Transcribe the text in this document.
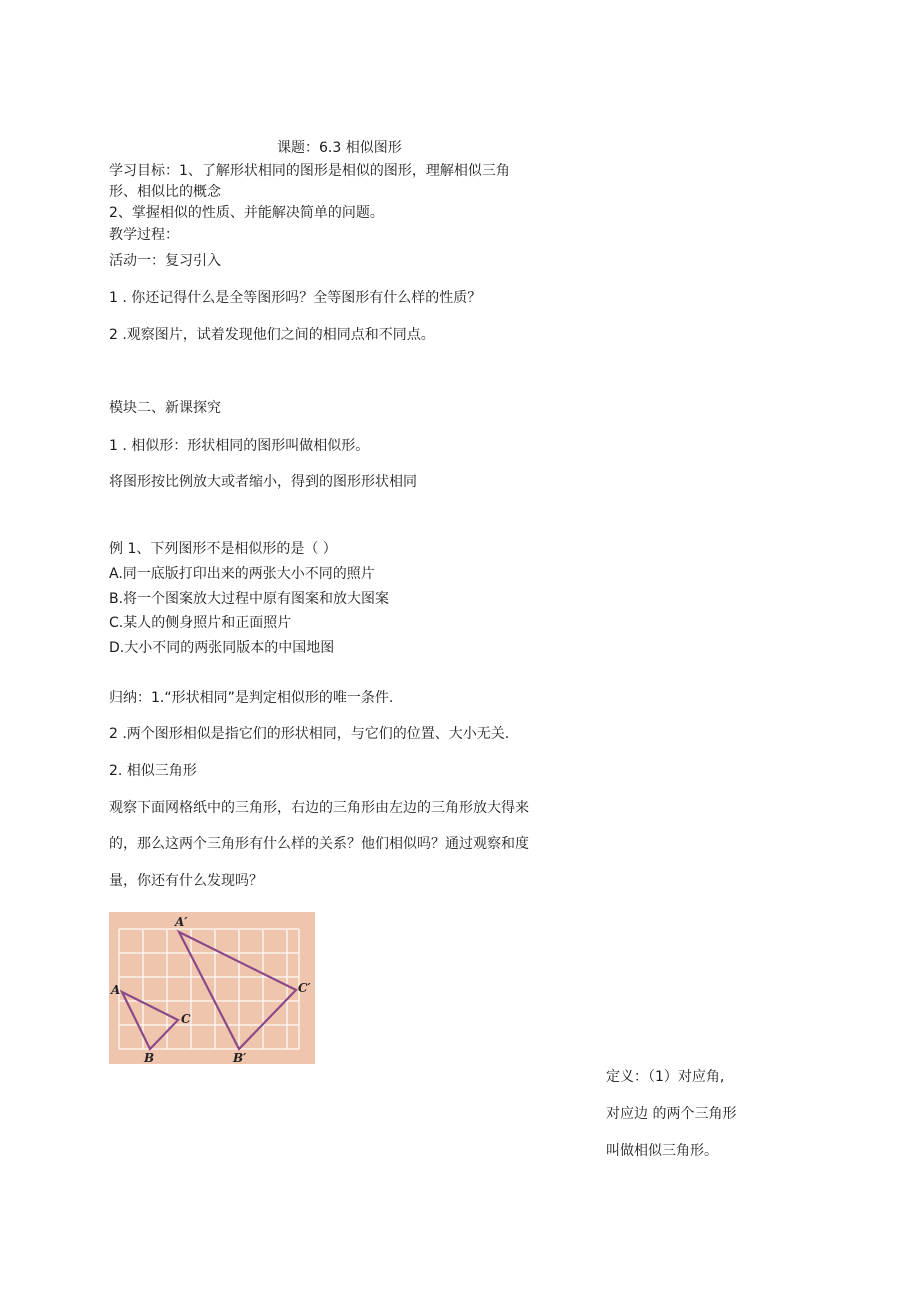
课题：6.3 相似图形
学习目标：1、了解形状相同的图形是相似的图形，理解相似三角
形、相似比的概念
2、掌握相似的性质、并能解决简单的问题。
教学过程：
活动一：复习引入
1 . 你还记得什么是全等图形吗？全等图形有什么样的性质？
2 .观察图片，试着发现他们之间的相同点和不同点。
模块二、新课探究
1 . 相似形：形状相同的图形叫做相似形。
将图形按比例放大或者缩小，得到的图形形状相同
例 1、下列图形不是相似形的是（ ）
A.同一底版打印出来的两张大小不同的照片
B.将一个图案放大过程中原有图案和放大图案
C.某人的侧身照片和正面照片
D.大小不同的两张同版本的中国地图
归纳：1.“形状相同”是判定相似形的唯一条件.
2 .两个图形相似是指它们的形状相同，与它们的位置、大小无关.
2. 相似三角形
观察下面网格纸中的三角形，右边的三角形由左边的三角形放大得来
的，那么这两个三角形有什么样的关系？他们相似吗？通过观察和度
量，你还有什么发现吗？
A
B
C
A′
B′
C′
定义：（1）对应角,
对应边 的两个三角形
叫做相似三角形。
